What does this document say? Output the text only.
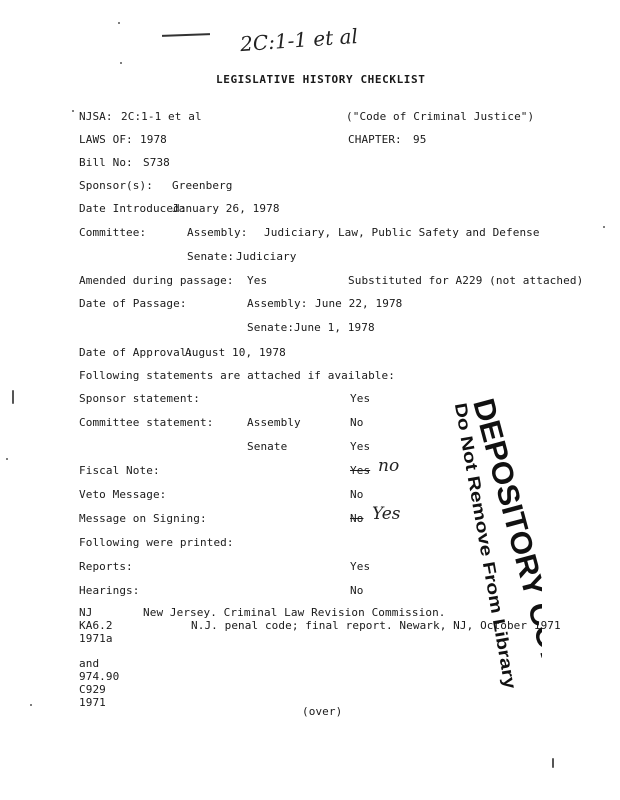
2C:1-1 et al
LEGISLATIVE HISTORY CHECKLIST
NJSA: 2C:1-1 et al	("Code of Criminal Justice")
LAWS OF: 1978	CHAPTER: 95
Bill No: S738
Sponsor(s): Greenberg
Date Introduced:
January 26, 1978
Committee:	Assembly: Judiciary, Law, Public Safety and Defense
Senate: Judiciary
Amended during passage: Yes	Substituted for A229 (not attached)
Date of Passage:	Assembly: June 22, 1978
Senate: June 1, 1978
Date of Approval:
August 10, 1978
Following statements are attached if available:
Sponsor statement:	Yes
Committee statement:	Assembly	No
Senate	Yes
Fiscal Note:	Yes no
Veto Message:	No
Message on Signing:	No Yes
Following were printed:
Reports:	Yes
Hearings:	No
NJ
KA6.2
1971a
and
974.90
C929
1971
New Jersey. Criminal Law Revision Commission.
N.J. penal code; final report. Newark, NJ, October 1971
(over)
DEPOSITORY COPY
Do Not Remove From Library
